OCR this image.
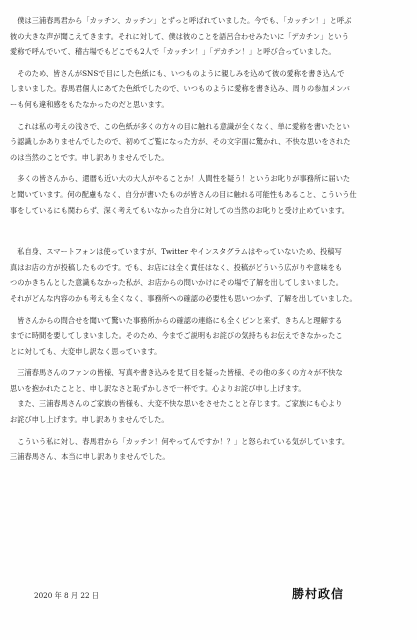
　僕は三浦春馬君から「カッチン、カッチン」とずっと呼ばれていました。今でも、「カッチン！」と呼ぶ
彼の大きな声が聞こえてきます。それに対して、僕は彼のことを語呂合わせみたいに「デカチン」という
愛称で呼んでいて、稽古場でもどこでも2人で「カッチン！」「デカチン！」と呼び合っていました。
　そのため、皆さんがSNSで目にした色紙にも、いつものように親しみを込めて彼の愛称を書き込んで
しまいました。春馬君個人にあてた色紙でしたので、いつものように愛称を書き込み、周りの参加メンバ
ーも何も違和感をもたなかったのだと思います。
　これは私の考えの浅さで、この色紙が多くの方々の目に触れる意識が全くなく、単に愛称を書いたとい
う認識しかありませんでしたので、初めてご覧になった方が、その文字面に驚かれ、不快な思いをされた
のは当然のことです。申し訳ありませんでした。
　多くの皆さんから、還暦も近い大の大人がやることか！人間性を疑う！というお叱りが事務所に届いた
と聞いています。何の配慮もなく、自分が書いたものが皆さんの目に触れる可能性もあること、こういう仕
事をしているにも関わらず、深く考えてもいなかった自分に対しての当然のお叱りと受け止めています。
　私自身、スマートフォンは使っていますが、Twitter やインスタグラムはやっていないため、投稿写
真はお店の方が投稿したものです。でも、お店には全く責任はなく、投稿がどういう広がりや意味をも
つのかきちんとした意識もなかった私が、お店からの問いかけにその場で了解を出してしまいました。
それがどんな内容のかも考えも全くなく、事務所への確認の必要性も思いつかず、了解を出していました。
　皆さんからの問合せを聞いて驚いた事務所からの確認の連絡にも全くピンと来ず、きちんと理解する
までに時間を要してしまいました。そのため、今までご説明もお詫びの気持ちもお伝えできなかったこ
とに対しても、大変申し訳なく思っています。
　三浦春馬さんのファンの皆様、写真や書き込みを見て目を疑った皆様、その他の多くの方々が不快な
思いを抱かれたことと、申し訳なさと恥ずかしさで一杯です。心よりお詫び申し上げます。
　また、三浦春馬さんのご家族の皆様も、大変不快な思いをさせたことと存じます。ご家族にも心より
お詫び申し上げます。申し訳ありませんでした。
　こういう私に対し、春馬君から「カッチン！何やってんですか！？」と怒られている気がしています。
三浦春馬さん、本当に申し訳ありませんでした。
2020 年 8 月 22 日	勝村政信
